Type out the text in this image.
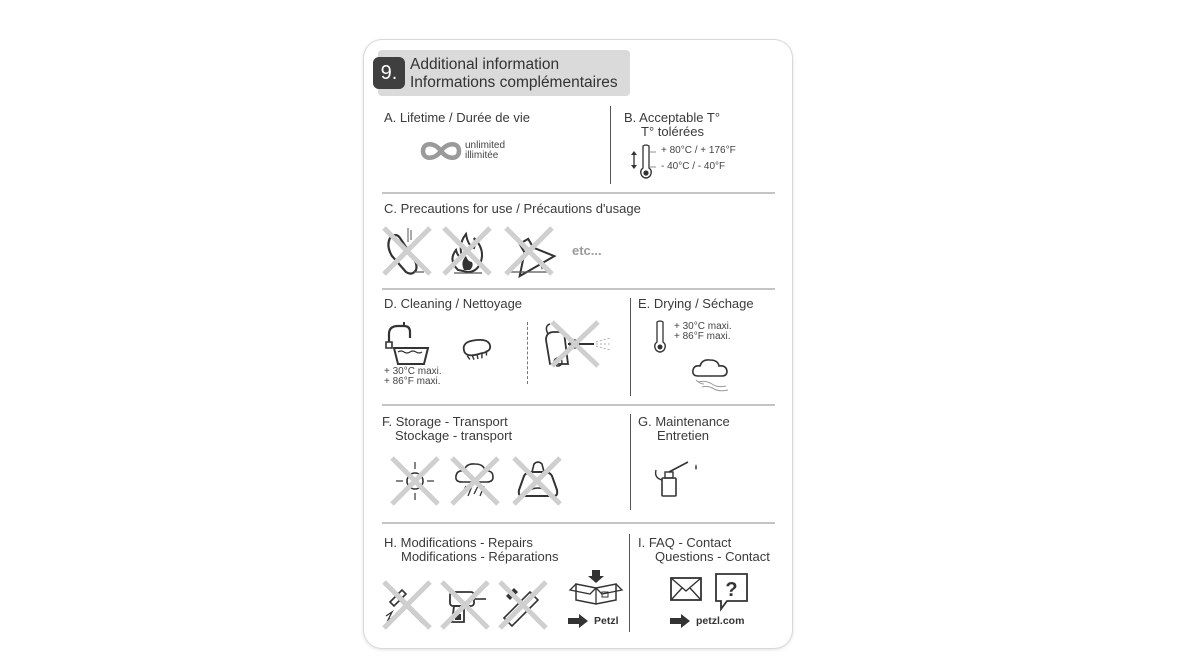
9. Additional information
Informations complémentaires
A. Lifetime / Durée de vie
unlimited
illimitée
B. Acceptable T°
T° tolérées
+ 80°C / + 176°F
- 40°C / - 40°F
C. Precautions for use / Précautions d'usage
etc...
D. Cleaning / Nettoyage
+ 30°C maxi.
+ 86°F maxi.
E. Drying / Séchage
+ 30°C maxi.
+ 86°F maxi.
F. Storage - Transport
Stockage - transport
G. Maintenance
Entretien
H. Modifications - Repairs
Modifications - Réparations
Petzl
I. FAQ - Contact
Questions - Contact
?
petzl.com
